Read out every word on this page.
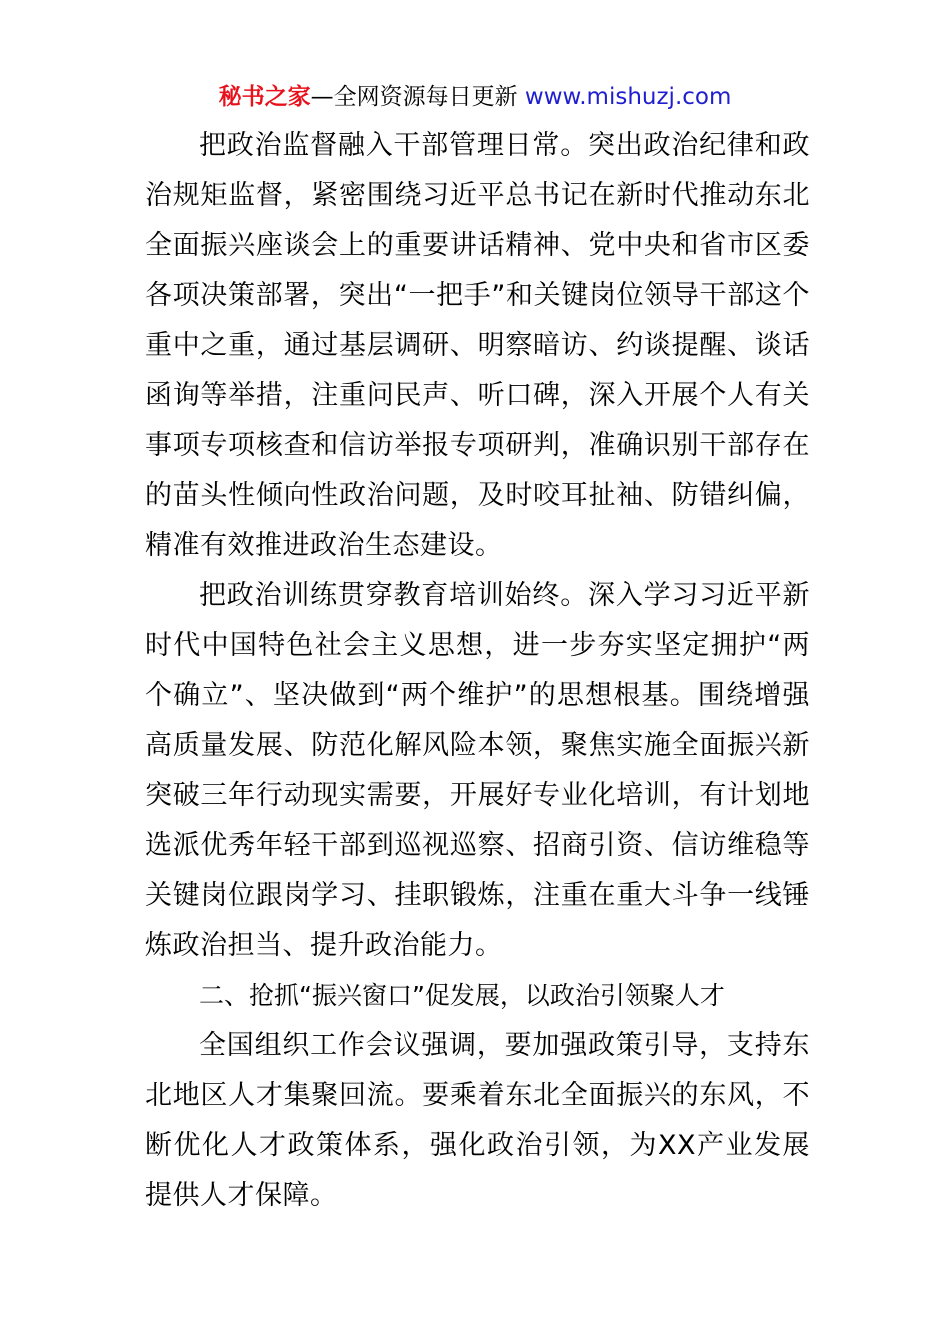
秘书之家—全网资源每日更新 www.mishuzj.com

把政治监督融入干部管理日常。突出政治纪律和政治规矩监督，紧密围绕习近平总书记在新时代推动东北全面振兴座谈会上的重要讲话精神、党中央和省市区委各项决策部署，突出“一把手”和关键岗位领导干部这个重中之重，通过基层调研、明察暗访、约谈提醒、谈话函询等举措，注重问民声、听口碑，深入开展个人有关事项专项核查和信访举报专项研判，准确识别干部存在的苗头性倾向性政治问题，及时咬耳扯袖、防错纠偏，精准有效推进政治生态建设。

把政治训练贯穿教育培训始终。深入学习习近平新时代中国特色社会主义思想，进一步夯实坚定拥护“两个确立”、坚决做到“两个维护”的思想根基。围绕增强高质量发展、防范化解风险本领，聚焦实施全面振兴新突破三年行动现实需要，开展好专业化培训，有计划地选派优秀年轻干部到巡视巡察、招商引资、信访维稳等关键岗位跟岗学习、挂职锻炼，注重在重大斗争一线锤炼政治担当、提升政治能力。

二、抢抓“振兴窗口”促发展，以政治引领聚人才

全国组织工作会议强调，要加强政策引导，支持东北地区人才集聚回流。要乘着东北全面振兴的东风，不断优化人才政策体系，强化政治引领，为XX产业发展提供人才保障。
